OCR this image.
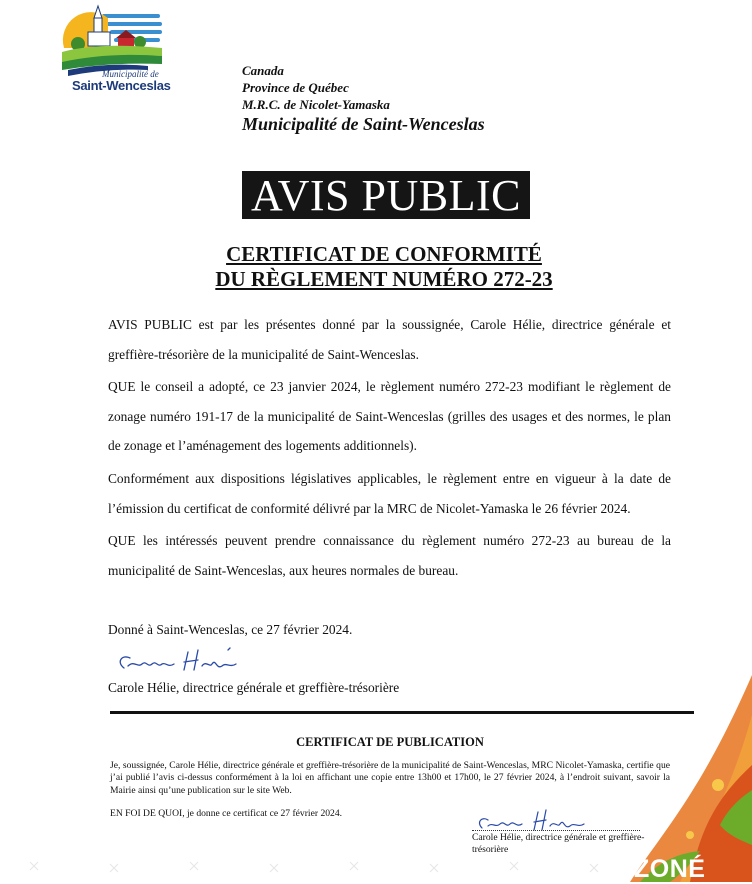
Municipalité de
Saint-Wenceslas
Canada
Province de Québec
M.R.C. de Nicolet-Yamaska
Municipalité de Saint-Wenceslas
AVIS PUBLIC
CERTIFICAT DE CONFORMITÉ
DU RÈGLEMENT NUMÉRO 272-23

AVIS PUBLIC est par les présentes donné par la soussignée, Carole Hélie, directrice générale et greffière-trésorière de la municipalité de Saint-Wenceslas.

QUE le conseil a adopté, ce 23 janvier 2024, le règlement numéro 272-23 modifiant le règlement de zonage numéro 191-17 de la municipalité de Saint-Wenceslas (grilles des usages et des normes, le plan de zonage et l’aménagement des logements additionnels).

Conformément aux dispositions législatives applicables, le règlement entre en vigueur à la date de l’émission du certificat de conformité délivré par la MRC de Nicolet-Yamaska le 26 février 2024.

QUE les intéressés peuvent prendre connaissance du règlement numéro 272-23 au bureau de la municipalité de Saint-Wenceslas, aux heures normales de bureau.

Donné à Saint-Wenceslas, ce 27 février 2024.
Carole Hélie, directrice générale et greffière-trésorière
CERTIFICAT DE PUBLICATION
Je, soussignée, Carole Hélie, directrice générale et greffière-trésorière de la municipalité de Saint-Wenceslas, MRC Nicolet-Yamaska, certifie que j’ai publié l’avis ci-dessus conformément à la loi en affichant une copie entre 13h00 et 17h00, le 27 février 2024, à l’endroit suivant, savoir la Mairie ainsi qu’une publication sur le site Web.
EN FOI DE QUOI, je donne ce certificat ce 27 février 2024.
Carole Hélie, directrice générale et greffière-trésorière
ZONÉ
